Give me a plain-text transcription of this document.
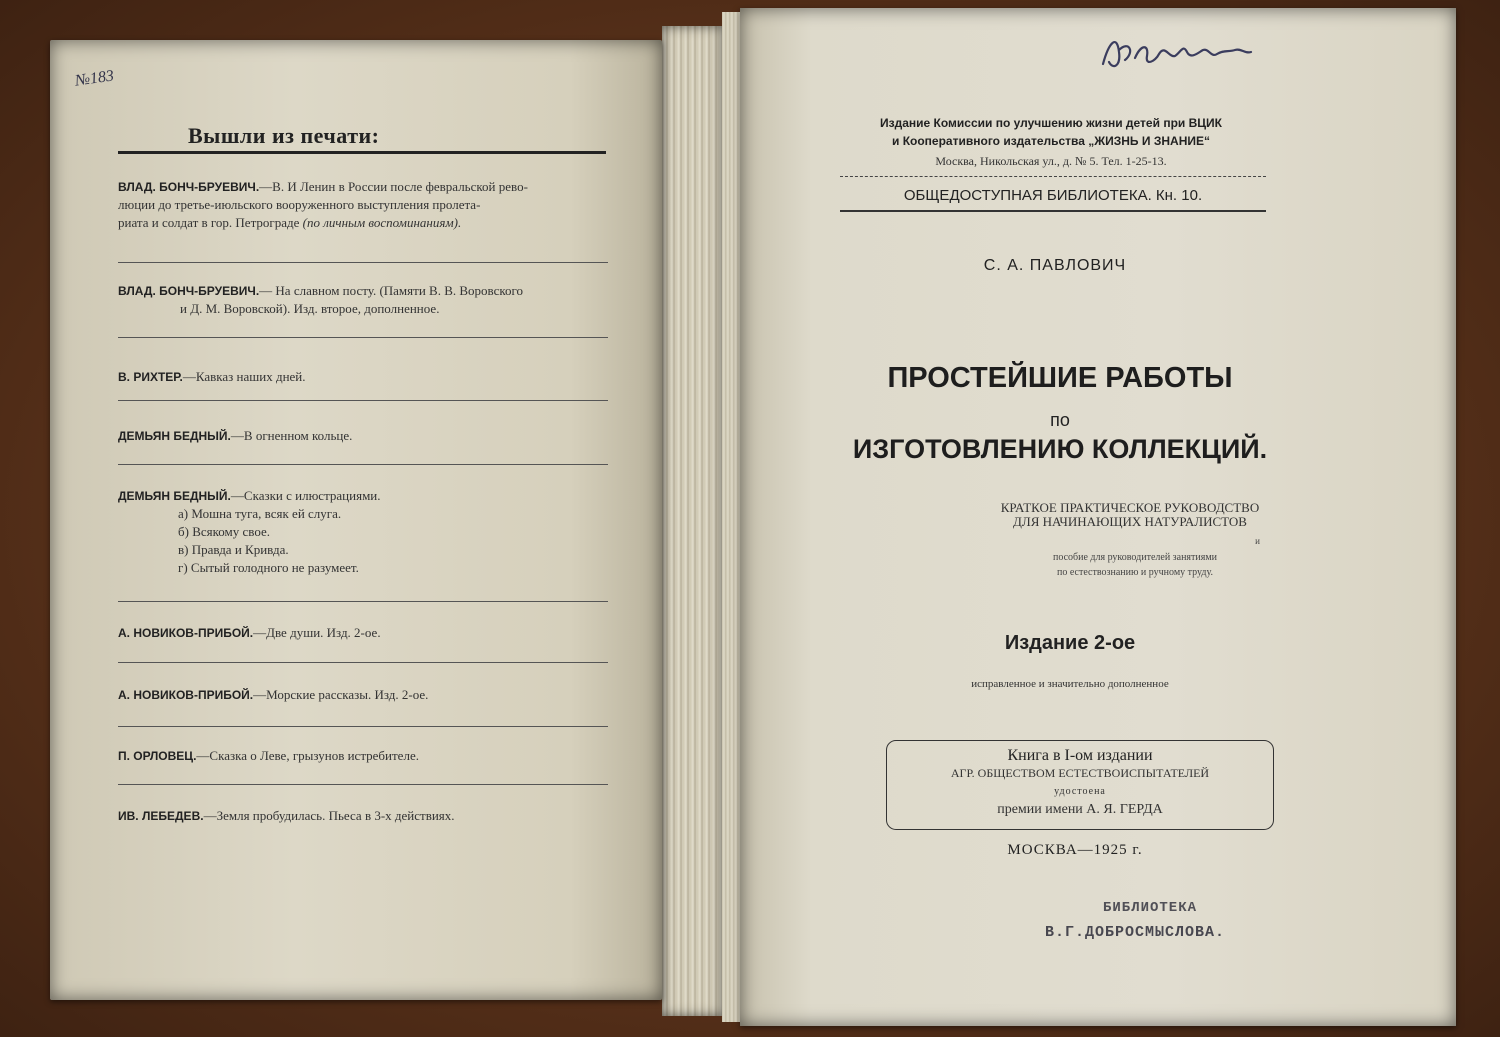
№183
Вышли из печати:
ВЛАД. БОНЧ-БРУЕВИЧ.—В. И Ленин в России после февральской рево-
люции до третье-июльского вооруженного выступления пролета-
риата и солдат в гор. Петрограде (по личным воспоминаниям).
ВЛАД. БОНЧ-БРУЕВИЧ.— На славном посту. (Памяти В. В. Воровского
и Д. М. Воровской). Изд. второе, дополненное.
В. РИХТЕР.—Кавказ наших дней.
ДЕМЬЯН БЕДНЫЙ.—В огненном кольце.
ДЕМЬЯН БЕДНЫЙ.—Сказки с илюстрациями.
а) Мошна туга, всяк ей слуга.
б) Всякому свое.
в) Правда и Кривда.
г) Сытый голодного не разумеет.
А. НОВИКОВ-ПРИБОЙ.—Две души. Изд. 2-ое.
А. НОВИКОВ-ПРИБОЙ.—Морские рассказы. Изд. 2-ое.
П. ОРЛОВЕЦ.—Сказка о Леве, грызунов истребителе.
ИВ. ЛЕБЕДЕВ.—Земля пробудилась. Пьеса в 3-х действиях.
Издание Комиссии по улучшению жизни детей при ВЦИК
и Кооперативного издательства „ЖИЗНЬ И ЗНАНИЕ“
Москва, Никольская ул., д. № 5. Тел. 1-25-13.
ОБЩЕДОСТУПНАЯ БИБЛИОТЕКА. Кн. 10.
С. А. ПАВЛОВИЧ
ПРОСТЕЙШИЕ РАБОТЫ
по
ИЗГОТОВЛЕНИЮ КОЛЛЕКЦИЙ.
КРАТКОЕ ПРАКТИЧЕСКОЕ РУКОВОДСТВО
ДЛЯ НАЧИНАЮЩИХ НАТУРАЛИСТОВ
и
пособие для руководителей занятиями
по естествознанию и ручному труду.
Издание 2-ое
исправленное и значительно дополненное
Книга в I-ом издании
АГР. ОБЩЕСТВОМ ЕСТЕСТВОИСПЫТАТЕЛЕЙ
удостоена
премии имени А. Я. ГЕРДА
МОСКВА—1925 г.
БИБЛИОТЕКА
В.Г.ДОБРОСМЫСЛОВА.
